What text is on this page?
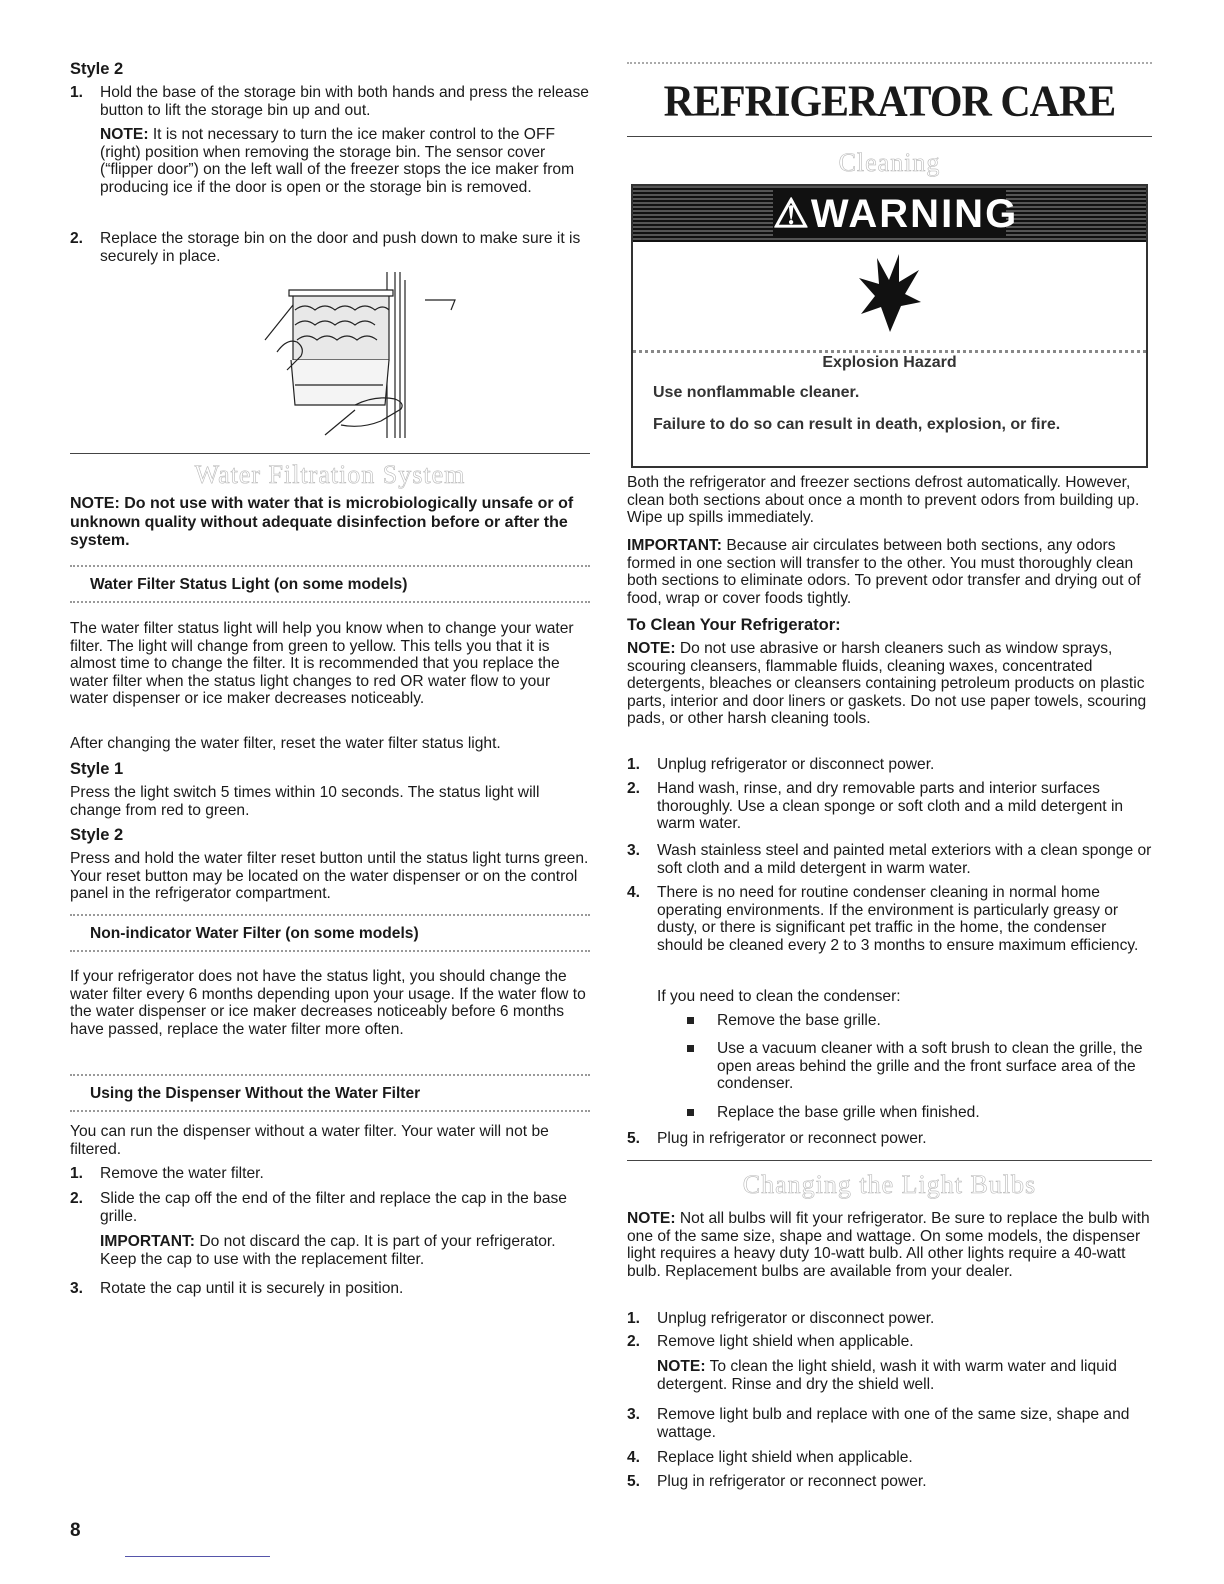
Style 2
1. Hold the base of the storage bin with both hands and press the release button to lift the storage bin up and out.

NOTE: It is not necessary to turn the ice maker control to the OFF (right) position when removing the storage bin. The sensor cover (“flipper door”) on the left wall of the freezer stops the ice maker from producing ice if the door is open or the storage bin is removed.

2. Replace the storage bin on the door and push down to make sure it is securely in place.

Water Filtration System
NOTE: Do not use with water that is microbiologically unsafe or of unknown quality without adequate disinfection before or after the system.
Water Filter Status Light (on some models)

The water filter status light will help you know when to change your water filter. The light will change from green to yellow. This tells you that it is almost time to change the filter. It is recommended that you replace the water filter when the status light changes to red OR water flow to your water dispenser or ice maker decreases noticeably.

After changing the water filter, reset the water filter status light.

Style 1

Press the light switch 5 times within 10 seconds. The status light will change from red to green.

Style 2

Press and hold the water filter reset button until the status light turns green. Your reset button may be located on the water dispenser or on the control panel in the refrigerator compartment.

Non-indicator Water Filter (on some models)

If your refrigerator does not have the status light, you should change the water filter every 6 months depending upon your usage. If the water flow to the water dispenser or ice maker decreases noticeably before 6 months have passed, replace the water filter more often.

Using the Dispenser Without the Water Filter

You can run the dispenser without a water filter. Your water will not be filtered.

1. Remove the water filter.

2. Slide the cap off the end of the filter and replace the cap in the base grille.

IMPORTANT: Do not discard the cap. It is part of your refrigerator. Keep the cap to use with the replacement filter.

3. Rotate the cap until it is securely in position.

8
REFRIGERATOR CARE
Cleaning
⚠WARNING
Explosion Hazard
Use nonflammable cleaner.
Failure to do so can result in death, explosion, or fire.

Both the refrigerator and freezer sections defrost automatically. However, clean both sections about once a month to prevent odors from building up. Wipe up spills immediately.

IMPORTANT: Because air circulates between both sections, any odors formed in one section will transfer to the other. You must thoroughly clean both sections to eliminate odors. To prevent odor transfer and drying out of food, wrap or cover foods tightly.

To Clean Your Refrigerator:

NOTE: Do not use abrasive or harsh cleaners such as window sprays, scouring cleansers, flammable fluids, cleaning waxes, concentrated detergents, bleaches or cleansers containing petroleum products on plastic parts, interior and door liners or gaskets. Do not use paper towels, scouring pads, or other harsh cleaning tools.

1. Unplug refrigerator or disconnect power.

2. Hand wash, rinse, and dry removable parts and interior surfaces thoroughly. Use a clean sponge or soft cloth and a mild detergent in warm water.

3. Wash stainless steel and painted metal exteriors with a clean sponge or soft cloth and a mild detergent in warm water.

4. There is no need for routine condenser cleaning in normal home operating environments. If the environment is particularly greasy or dusty, or there is significant pet traffic in the home, the condenser should be cleaned every 2 to 3 months to ensure maximum efficiency.

If you need to clean the condenser:

Remove the base grille.

Use a vacuum cleaner with a soft brush to clean the grille, the open areas behind the grille and the front surface area of the condenser.

Replace the base grille when finished.

5. Plug in refrigerator or reconnect power.

Changing the Light Bulbs

NOTE: Not all bulbs will fit your refrigerator. Be sure to replace the bulb with one of the same size, shape and wattage. On some models, the dispenser light requires a heavy duty 10-watt bulb. All other lights require a 40-watt bulb. Replacement bulbs are available from your dealer.

1. Unplug refrigerator or disconnect power.

2. Remove light shield when applicable.

NOTE: To clean the light shield, wash it with warm water and liquid detergent. Rinse and dry the shield well.

3. Remove light bulb and replace with one of the same size, shape and wattage.

4. Replace light shield when applicable.

5. Plug in refrigerator or reconnect power.
